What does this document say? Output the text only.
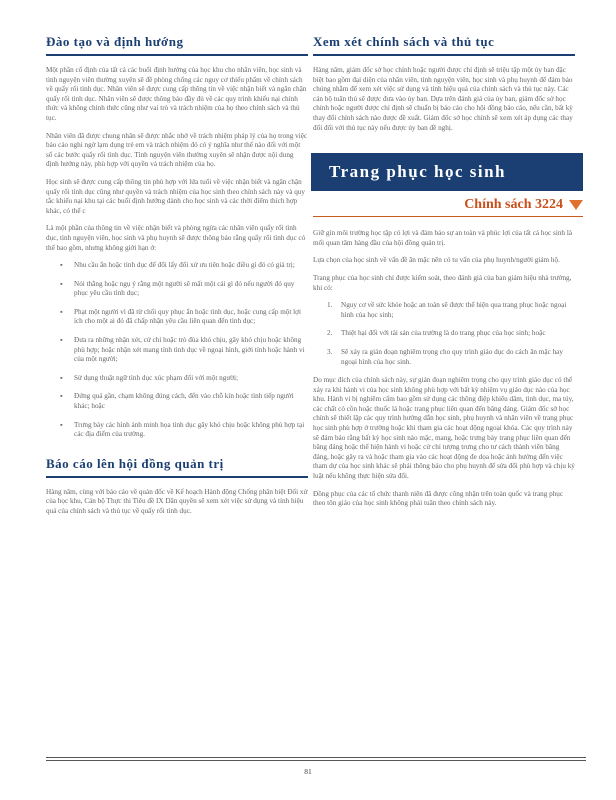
Đào tạo và định hướng

Một phần cố định của tất cả các buổi định hướng của học khu cho nhân viên, học sinh và tình nguyện viên thường xuyên sẽ đề phòng chống các nguy cơ thiếu phẩm về chính sách về quấy rối tình dục. Nhân viên sẽ được cung cấp thông tin về việc nhận biết và ngăn chặn quấy rối tình dục. Nhân viên sẽ được thông báo đầy đủ về các quy trình khiếu nại chính thức và không chính thức cũng như vai trò và trách nhiệm của họ theo chính sách và thủ tục.

Nhân viên đã được chung nhân sẽ được nhắc nhở về trách nhiệm pháp lý của họ trong việc báo cáo nghi ngờ lạm dụng trẻ em và trách nhiệm đó có ý nghĩa như thế nào đối với một số các bước quấy rối tình dục. Tình nguyện viên thường xuyên sẽ nhận được nội dung định hướng này, phù hợp với quyền và trách nhiệm của họ.

Học sinh sẽ được cung cấp thông tin phù hợp với lứa tuổi về việc nhận biết và ngăn chặn quấy rối tình dục cũng như quyền và trách nhiệm của học sinh theo chính sách này và quy tắc khiếu nại khu tại các buổi định hướng dành cho học sinh và các thời điểm thích hợp khác, có thể c

Là một phần của thông tin về việc nhận biết và phòng ngừa các nhân viên quấy rối tình dục, tình nguyện viên, học sinh và phụ huynh sẽ được thông báo rằng quấy rối tình dục có thể bao gồm, nhưng không giới hạn ở:

▪ Nhu cầu ẩn hoặc tình dục để đổi lấy đối xử ưu tiên hoặc điều gì đó có giá trị;
▪ Nói thẳng hoặc ngụ ý rằng một người sẽ mất một cái gì đó nếu người đó quy phục yêu cầu tình dục;
▪ Phạt một người vì đã từ chối quy phục ẩn hoặc tình dục, hoặc cung cấp một lợi ích cho một ai đó đã chấp nhận yêu cầu liên quan đến tình dục;
▪ Đưa ra những nhận xét, cử chỉ hoặc trò đùa khó chịu, gây khó chịu hoặc không phù hợp; hoặc nhận xét mang tính tình dục về ngoại hình, giới tính hoặc hành vi của một người;
▪ Sử dụng thuật ngữ tình dục xúc phạm đối với một người;
▪ Đứng quá gần, chạm không đúng cách, đến vào chỗ kín hoặc tình tiếp người khác; hoặc
▪ Trưng bày các hình ảnh minh họa tình dục gây khó chịu hoặc không phù hợp tại các địa điểm của trường.
Báo cáo lên hội đồng quản trị

Hàng năm, cùng với báo cáo về quản đốc về Kế hoạch Hành động Chống phân biệt Đối xử của học khu, Cán bộ Thực thi Tiêu đề IX Dân quyền sẽ xem xét việc sử dụng và tính hiệu quả của chính sách và thủ tục về quấy rối tình dục.

Xem xét chính sách và thủ tục

Hàng năm, giám đốc sở học chính hoặc người được chỉ định sẽ triệu tập một ủy ban đặc biệt bao gồm đại diện của nhân viên, tình nguyện viên, học sinh và phụ huynh để đảm bảo chúng nhằm để xem xét việc sử dụng và tính hiệu quả của chính sách và thủ tục này. Các cán bộ tuân thủ sẽ được đưa vào ủy ban. Dựa trên đánh giá của ủy ban, giám đốc sở học chính hoặc người được chỉ định sẽ chuẩn bị báo cáo cho hội đồng báo cáo, nếu cần, bất kỳ thay đổi chính sách nào được đề xuất. Giám đốc sở học chính sẽ xem xét áp dụng các thay đổi đối với thủ tục này nếu được ủy ban đề nghị.

Trang phục học sinh
Chính sách 3224

Giữ gìn môi trường học tập có lợi và đảm bảo sự an toàn và phúc lợi của tất cả học sinh là mối quan tâm hàng đầu của hội đồng quản trị.

Lựa chọn của học sinh về vấn đề ăn mặc nên có tu vấn của phụ huynh/người giám hộ.

Trang phục của học sinh chỉ được kiểm soát, theo đánh giá của ban giám hiệu nhà trường, khi có:

1. Nguy cơ về sức khỏe hoặc an toàn sẽ được thể hiện qua trang phục hoặc ngoại hình của học sinh;
2. Thiệt hại đối với tài sản của trường là do trang phục của học sinh; hoặc
3. Sẽ xảy ra gián đoạn nghiêm trọng cho quy trình giáo dục do cách ăn mặc hay ngoại hình của học sinh.

Do mục đích của chính sách này, sự gián đoạn nghiêm trọng cho quy trình giáo dục có thể xảy ra khi hành vi của học sinh không phù hợp với bất kỳ nhiệm vụ giáo dục nào của học khu. Hành vi bị nghiêm cấm bao gồm sử dụng các thông điệp khiêu dâm, tình dục, ma túy, các chất có cồn hoặc thuốc lá hoặc trang phục liên quan đến băng đảng. Giám đốc sở học chính sẽ thiết lập các quy trình hướng dẫn học sinh, phụ huynh và nhân viên về trang phục học sinh phù hợp ở trường hoặc khi tham gia các hoạt động ngoại khóa. Các quy trình này sẽ đảm bảo rằng bất kỳ học sinh nào mặc, mang, hoặc trưng bày trang phục liên quan đến băng đảng hoặc thể hiện hành vi hoặc cử chỉ tượng trưng cho tư cách thành viên băng đảng, hoặc gây ra và hoặc tham gia vào các hoạt động đe dọa hoặc ảnh hưởng đến việc tham dự của học sinh khác sẽ phải thông báo cho phụ huynh để sửa đổi phù hợp và chịu kỷ luật nếu không thực hiện sửa đổi.

Đồng phục của các tổ chức thanh niên đã được công nhận trên toàn quốc và trang phục theo tôn giáo của học sinh không phải tuân theo chính sách này.

81
